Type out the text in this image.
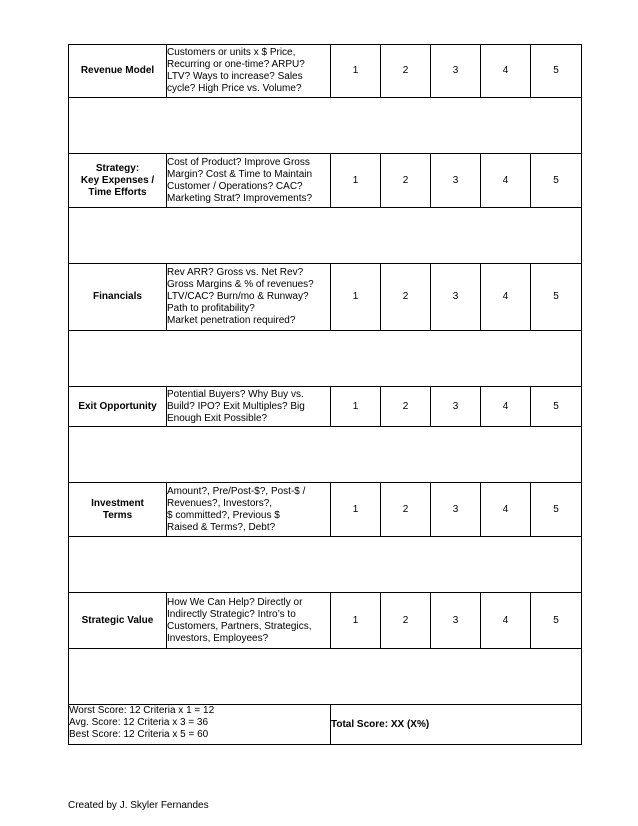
Revenue Model	Customers or units x $ Price,
Recurring or one-time? ARPU?
LTV? Ways to increase? Sales
cycle? High Price vs. Volume?	1	2	3	4	5

Strategy:
Key Expenses /
Time Efforts	Cost of Product? Improve Gross
Margin? Cost & Time to Maintain
Customer / Operations? CAC?
Marketing Strat? Improvements?	1	2	3	4	5

Financials	Rev ARR? Gross vs. Net Rev?
Gross Margins & % of revenues?
LTV/CAC? Burn/mo & Runway?
Path to profitability?
Market penetration required?	1	2	3	4	5

Exit Opportunity	Potential Buyers? Why Buy vs.
Build? IPO? Exit Multiples? Big
Enough Exit Possible?	1	2	3	4	5

Investment
Terms	Amount?, Pre/Post-$?, Post-$ /
Revenues?, Investors?,
$ committed?, Previous $
Raised & Terms?, Debt?	1	2	3	4	5

Strategic Value	How We Can Help? Directly or
Indirectly Strategic? Intro’s to
Customers, Partners, Strategics,
Investors, Employees?	1	2	3	4	5

Worst Score: 12 Criteria x 1 = 12
Avg. Score: 12 Criteria x 3 = 36
Best Score: 12 Criteria x 5 = 60		Total Score: XX (X%)				
Created by J. Skyler Fernandes
